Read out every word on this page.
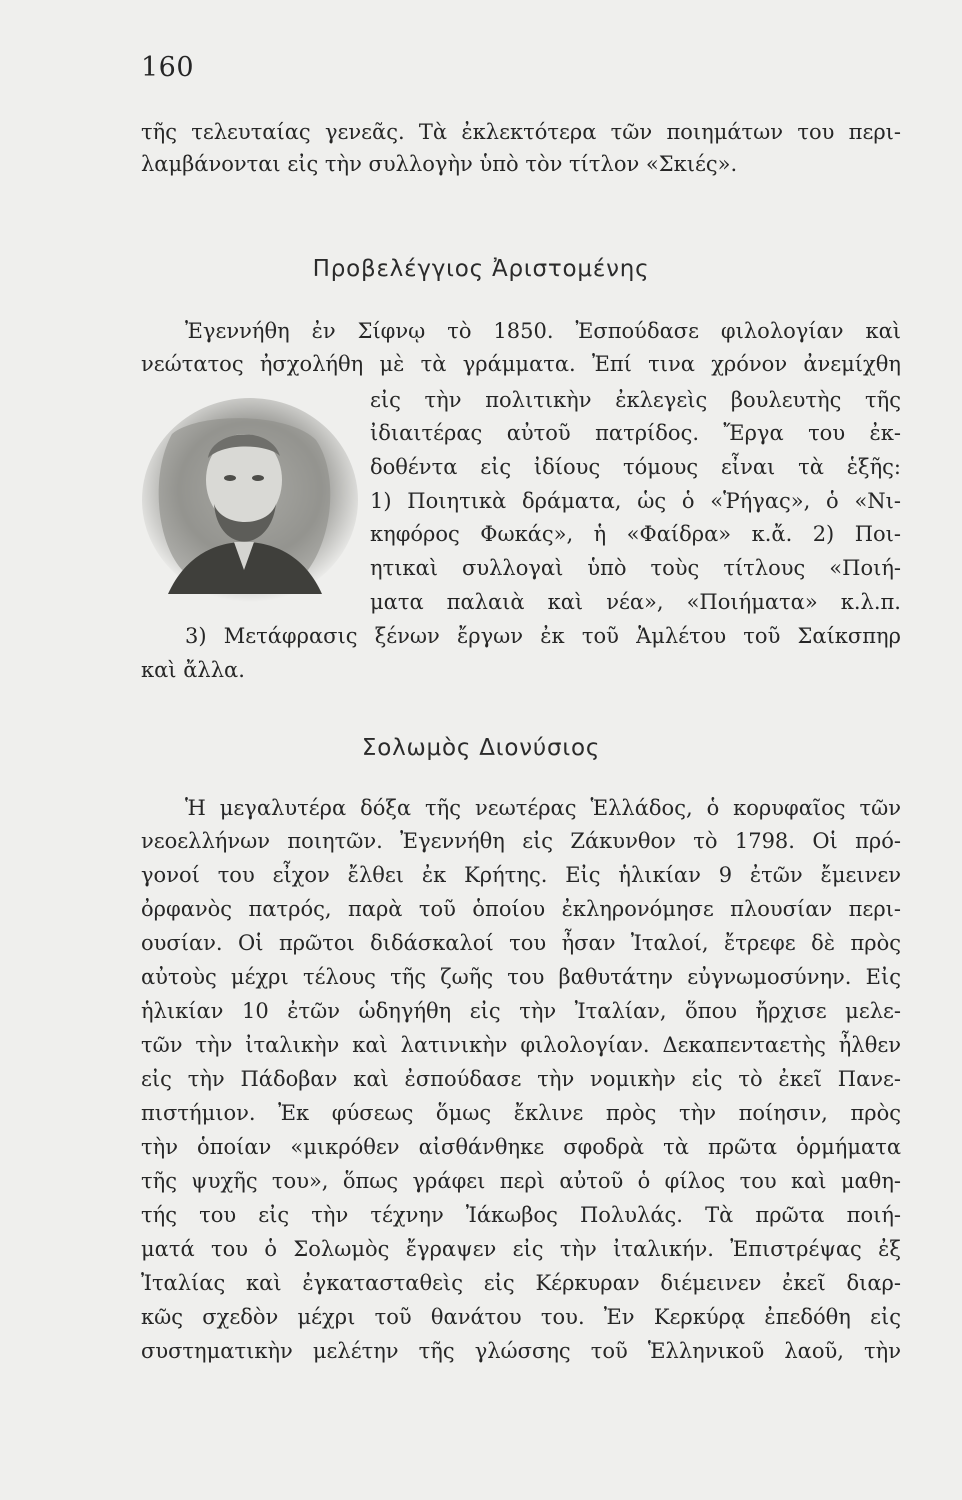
160
τῆς τελευταίας γενεᾶς. Τὰ ἐκλεκτότερα τῶν ποιημάτων του περι-
λαμβάνονται εἰς τὴν συλλογὴν ὑπὸ τὸν τίτλον «Σκιές».
Προβελέγγιος Ἀριστομένης
Ἐγεννήθη ἐν Σίφνῳ τὸ 1850. Ἐσπούδασε φιλολογίαν καὶ
νεώτατος ἠσχολήθη μὲ τὰ γράμματα. Ἐπί τινα χρόνον ἀνεμίχθη
εἰς τὴν πολιτικὴν ἐκλεγεὶς βουλευτὴς τῆς
ἰδιαιτέρας αὐτοῦ πατρίδος. Ἔργα του ἐκ-
δοθέντα εἰς ἰδίους τόμους εἶναι τὰ ἑξῆς:
1) Ποιητικὰ δράματα, ὡς ὁ «Ῥήγας», ὁ «Νι-
κηφόρος Φωκάς», ἡ «Φαίδρα» κ.ἄ. 2) Ποι-
ητικαὶ συλλογαὶ ὑπὸ τοὺς τίτλους «Ποιή-
ματα παλαιὰ καὶ νέα», «Ποιήματα» κ.λ.π.
3) Μετάφρασις ξένων ἔργων ἐκ τοῦ Ἁμλέτου τοῦ Σαίκσπηρ
καὶ ἄλλα.
Σολωμὸς Διονύσιος
Ἡ μεγαλυτέρα δόξα τῆς νεωτέρας Ἑλλάδος, ὁ κορυφαῖος τῶν
νεοελλήνων ποιητῶν. Ἐγεννήθη εἰς Ζάκυνθον τὸ 1798. Οἱ πρό-
γονοί του εἶχον ἔλθει ἐκ Κρήτης. Εἰς ἡλικίαν 9 ἐτῶν ἔμεινεν
ὀρφανὸς πατρός, παρὰ τοῦ ὁποίου ἐκληρονόμησε πλουσίαν περι-
ουσίαν. Οἱ πρῶτοι διδάσκαλοί του ἦσαν Ἰταλοί, ἔτρεφε δὲ πρὸς
αὐτοὺς μέχρι τέλους τῆς ζωῆς του βαθυτάτην εὐγνωμοσύνην. Εἰς
ἡλικίαν 10 ἐτῶν ὡδηγήθη εἰς τὴν Ἰταλίαν, ὅπου ἤρχισε μελε-
τῶν τὴν ἰταλικὴν καὶ λατινικὴν φιλολογίαν. Δεκαπενταετὴς ἦλθεν
εἰς τὴν Πάδοβαν καὶ ἐσπούδασε τὴν νομικὴν εἰς τὸ ἐκεῖ Πανε-
πιστήμιον. Ἐκ φύσεως ὅμως ἔκλινε πρὸς τὴν ποίησιν, πρὸς
τὴν ὁποίαν «μικρόθεν αἰσθάνθηκε σφοδρὰ τὰ πρῶτα ὁρμήματα
τῆς ψυχῆς του», ὅπως γράφει περὶ αὐτοῦ ὁ φίλος του καὶ μαθη-
τής του εἰς τὴν τέχνην Ἰάκωβος Πολυλάς. Τὰ πρῶτα ποιή-
ματά του ὁ Σολωμὸς ἔγραψεν εἰς τὴν ἰταλικήν. Ἐπιστρέψας ἐξ
Ἰταλίας καὶ ἐγκατασταθεὶς εἰς Κέρκυραν διέμεινεν ἐκεῖ διαρ-
κῶς σχεδὸν μέχρι τοῦ θανάτου του. Ἐν Κερκύρᾳ ἐπεδόθη εἰς
συστηματικὴν μελέτην τῆς γλώσσης τοῦ Ἑλληνικοῦ λαοῦ, τὴν
